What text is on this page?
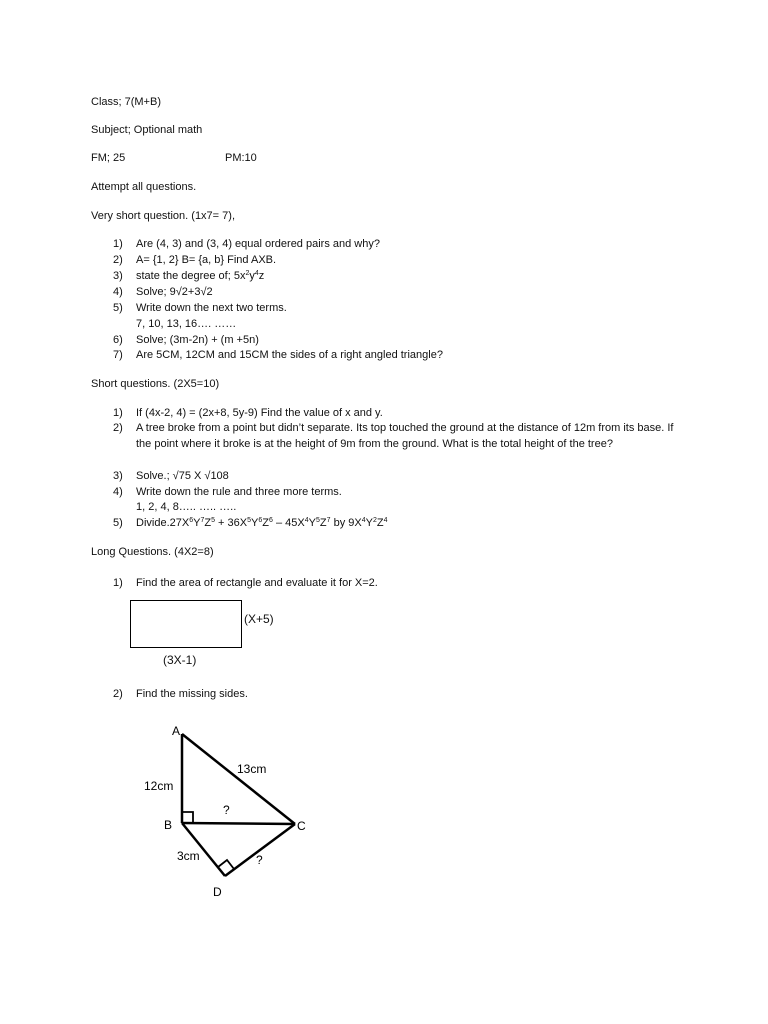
Class; 7(M+B)
Subject; Optional math
FM; 25	PM:10
Attempt all questions.
Very short question. (1x7= 7),
1) Are (4, 3) and (3, 4) equal ordered pairs and why?
2) A= {1, 2} B= {a, b} Find AXB.
3) state the degree of; $5x^2y^4z$
4) Solve; 9√2+3√2
5) Write down the next two terms.
7, 10, 13, 16…. ……
6) Solve; (3m-2n) + (m +5n)
7) Are 5CM, 12CM and 15CM the sides of a right angled triangle?
Short questions. (2X5=10)
1) If (4x-2, 4) = (2x+8, 5y-9) Find the value of x and y.
2) A tree broke from a point but didn’t separate. Its top touched the ground at the distance of 12m from its base. If the point where it broke is at the height of 9m from the ground. What is the total height of the tree?
3) Solve.; √75 X √108
4) Write down the rule and three more terms.
1, 2, 4, 8….. ….. …..
5) $Divide.27X^6Y^7Z^5 + 36X^5Y^6Z^6 - 45X^4Y^5Z^7$ by $9X^4Y^2Z^4$
Long Questions. (4X2=8)
1) Find the area of rectangle and evaluate it for X=2.
(X+5)
(3X-1)
2) Find the missing sides.
A
B	C
D
12cm
13cm
?
3cm	?
